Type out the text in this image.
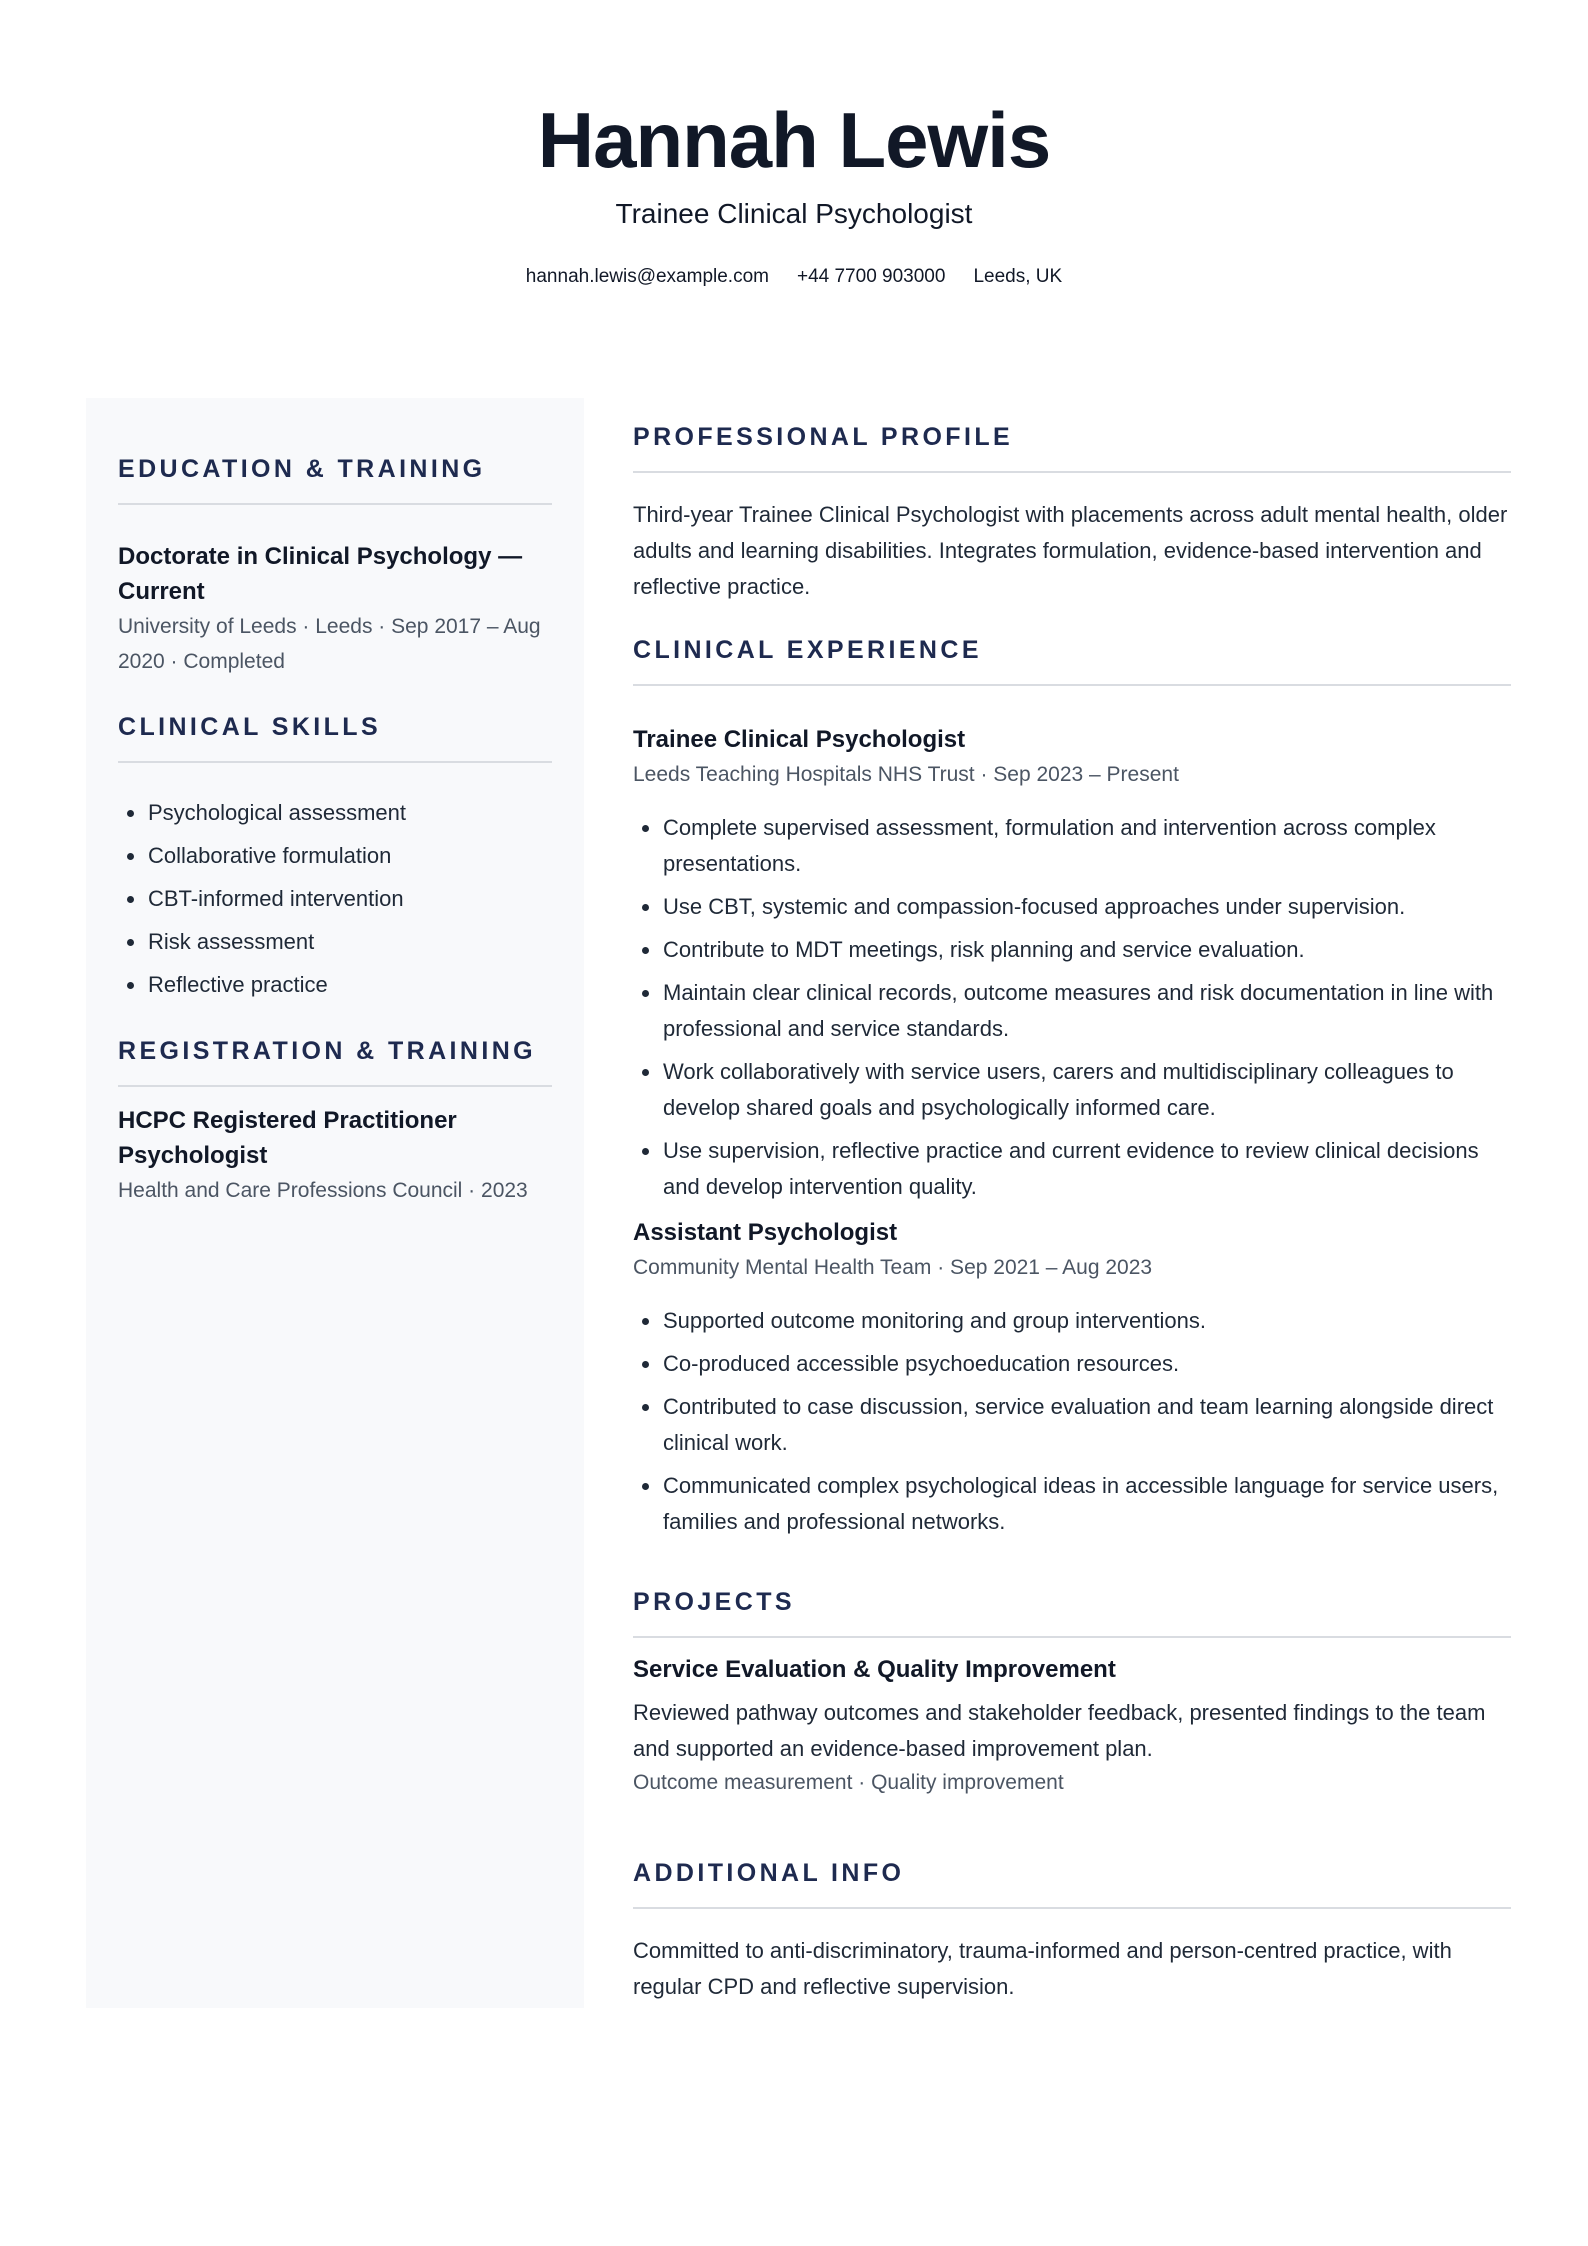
Hannah Lewis
Trainee Clinical Psychologist
hannah.lewis@example.com +44 7700 903000 Leeds, UK
EDUCATION & TRAINING

Doctorate in Clinical Psychology — Current

University of Leeds · Leeds · Sep 2017 – Aug 2020 · Completed

CLINICAL SKILLS
Psychological assessment
Collaborative formulation
CBT-informed intervention
Risk assessment
Reflective practice
REGISTRATION & TRAINING

HCPC Registered Practitioner Psychologist

Health and Care Professions Council · 2023

PROFESSIONAL PROFILE

Third-year Trainee Clinical Psychologist with placements across adult mental health, older adults and learning disabilities. Integrates formulation, evidence-based intervention and reflective practice.

CLINICAL EXPERIENCE

Trainee Clinical Psychologist

Leeds Teaching Hospitals NHS Trust · Sep 2023 – Present

Complete supervised assessment, formulation and intervention across complex presentations.
Use CBT, systemic and compassion-focused approaches under supervision.
Contribute to MDT meetings, risk planning and service evaluation.
Maintain clear clinical records, outcome measures and risk documentation in line with professional and service standards.
Work collaboratively with service users, carers and multidisciplinary colleagues to develop shared goals and psychologically informed care.
Use supervision, reflective practice and current evidence to review clinical decisions and develop intervention quality.

Assistant Psychologist

Community Mental Health Team · Sep 2021 – Aug 2023

Supported outcome monitoring and group interventions.
Co-produced accessible psychoeducation resources.
Contributed to case discussion, service evaluation and team learning alongside direct clinical work.
Communicated complex psychological ideas in accessible language for service users, families and professional networks.
PROJECTS

Service Evaluation & Quality Improvement

Reviewed pathway outcomes and stakeholder feedback, presented findings to the team and supported an evidence-based improvement plan.

Outcome measurement · Quality improvement

ADDITIONAL INFO

Committed to anti-discriminatory, trauma-informed and person-centred practice, with regular CPD and reflective supervision.
